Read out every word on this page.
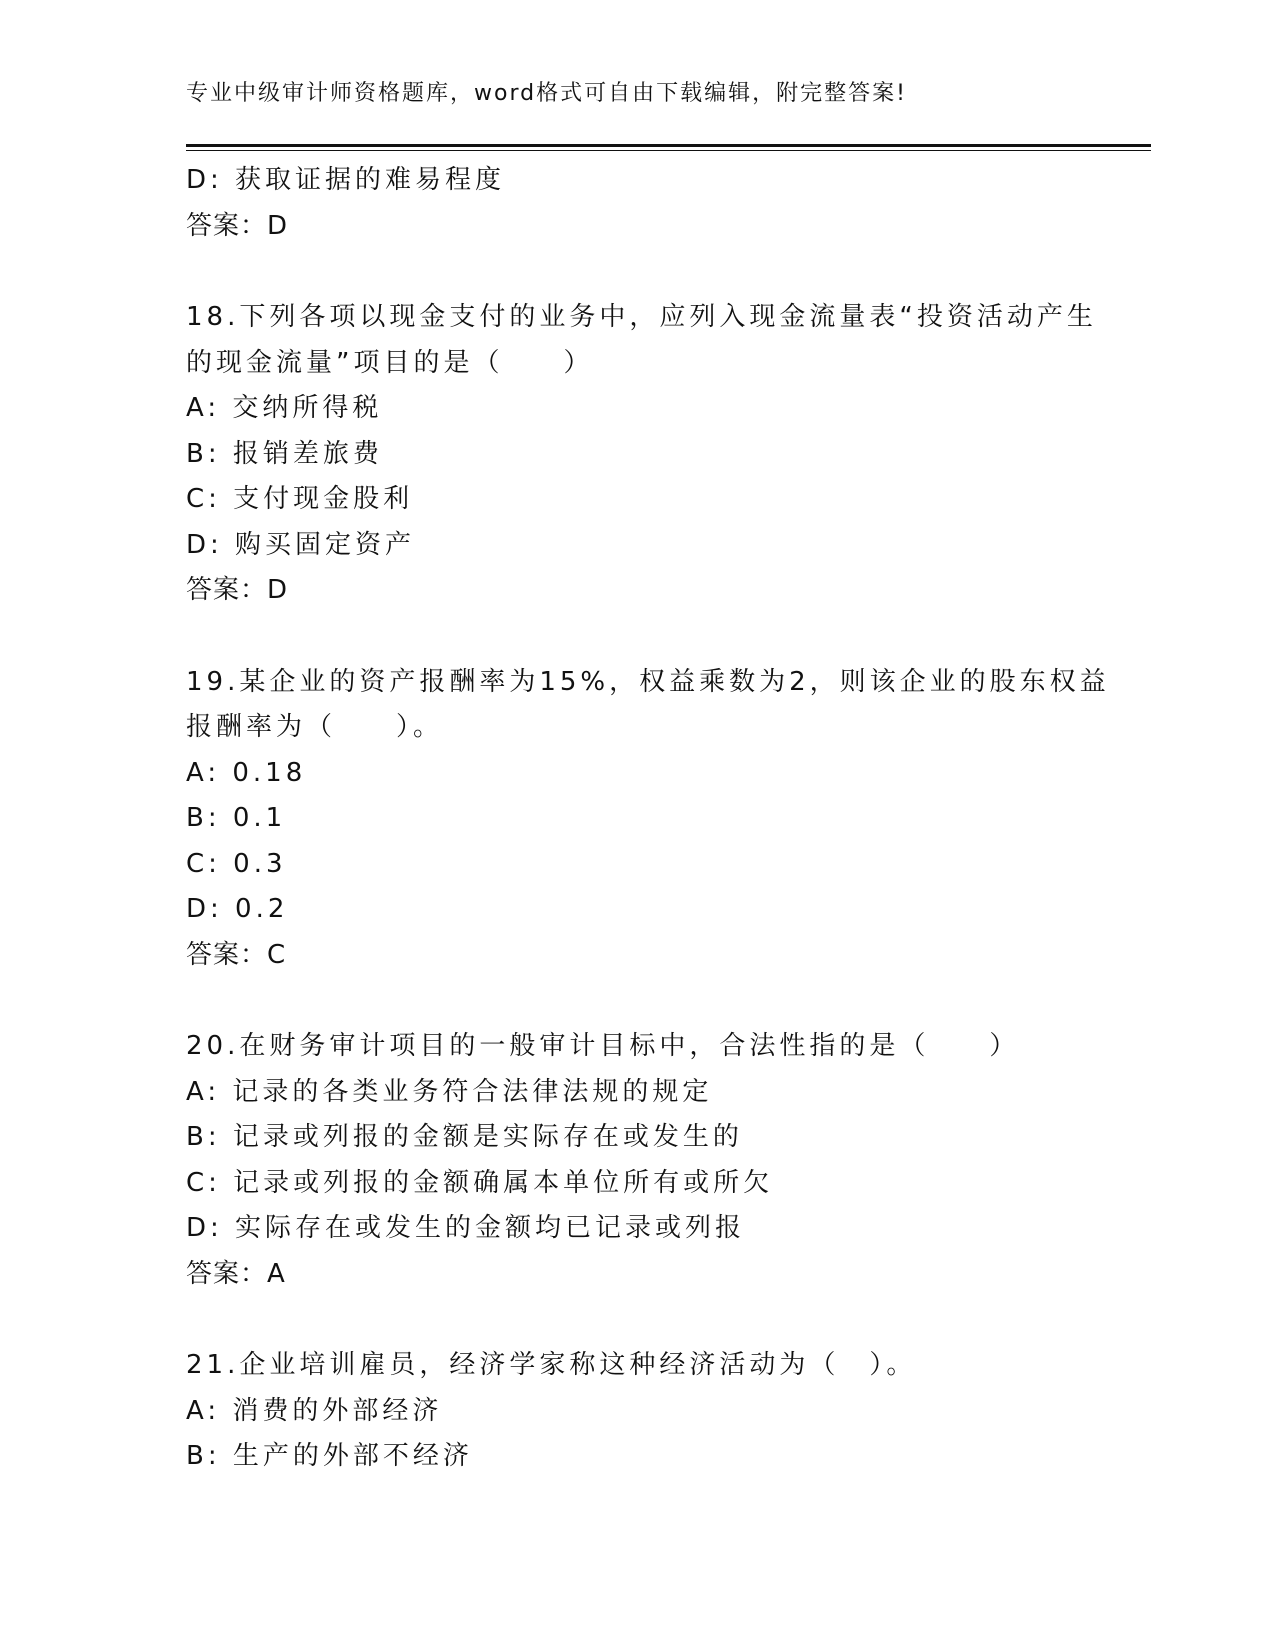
专业中级审计师资格题库，word格式可自由下载编辑，附完整答案!
D: 获取证据的难易程度
答案：D
18.下列各项以现金支付的业务中，应列入现金流量表“投资活动产生
的现金流量”项目的是（　　）
A: 交纳所得税
B: 报销差旅费
C: 支付现金股利
D: 购买固定资产
答案：D
19.某企业的资产报酬率为15%，权益乘数为2，则该企业的股东权益
报酬率为（　　）。
A: 0.18
B: 0.1
C: 0.3
D: 0.2
答案：C
20.在财务审计项目的一般审计目标中，合法性指的是（　　）
A: 记录的各类业务符合法律法规的规定
B: 记录或列报的金额是实际存在或发生的
C: 记录或列报的金额确属本单位所有或所欠
D: 实际存在或发生的金额均已记录或列报
答案：A
21.企业培训雇员，经济学家称这种经济活动为（　）。
A: 消费的外部经济
B: 生产的外部不经济
